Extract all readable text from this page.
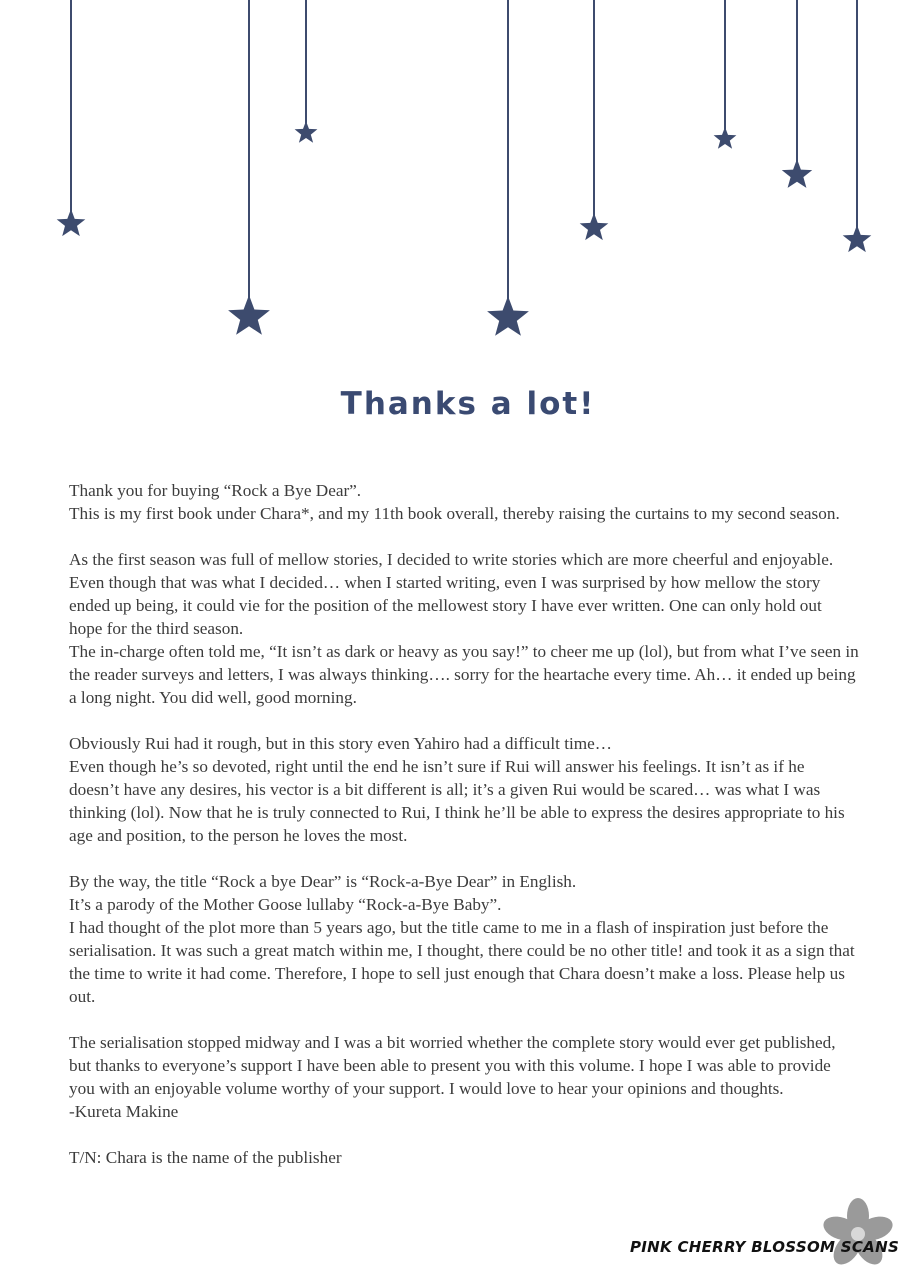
Thanks a lot!

Thank you for buying “Rock a Bye Dear”.
This is my first book under Chara*, and my 11th book overall, thereby raising the curtains to my second season.

As the first season was full of mellow stories, I decided to write stories which are more cheerful and enjoyable. Even though that was what I decided… when I started writing, even I was surprised by how mellow the story ended up being, it could vie for the position of the mellowest story I have ever written. One can only hold out hope for the third season.
The in-charge often told me, “It isn’t as dark or heavy as you say!” to cheer me up (lol), but from what I’ve seen in the reader surveys and letters, I was always thinking…. sorry for the heartache every time. Ah… it ended up being a long night. You did well, good morning.

Obviously Rui had it rough, but in this story even Yahiro had a difficult time…
Even though he’s so devoted, right until the end he isn’t sure if Rui will answer his feelings. It isn’t as if he doesn’t have any desires, his vector is a bit different is all; it’s a given Rui would be scared… was what I was thinking (lol). Now that he is truly connected to Rui, I think he’ll be able to express the desires appropriate to his age and position, to the person he loves the most.

By the way, the title “Rock a bye Dear” is “Rock-a-Bye Dear” in English.
It’s a parody of the Mother Goose lullaby “Rock-a-Bye Baby”.
I had thought of the plot more than 5 years ago, but the title came to me in a flash of inspiration just before the serialisation. It was such a great match within me, I thought, there could be no other title! and took it as a sign that the time to write it had come. Therefore, I hope to sell just enough that Chara doesn’t make a loss. Please help us out.

The serialisation stopped midway and I was a bit worried whether the complete story would ever get published, but thanks to everyone’s support I have been able to present you with this volume. I hope I was able to provide you with an enjoyable volume worthy of your support. I would love to hear your opinions and thoughts.
-Kureta Makine

T/N: Chara is the name of the publisher

PINK CHERRY BLOSSOM SCANS
